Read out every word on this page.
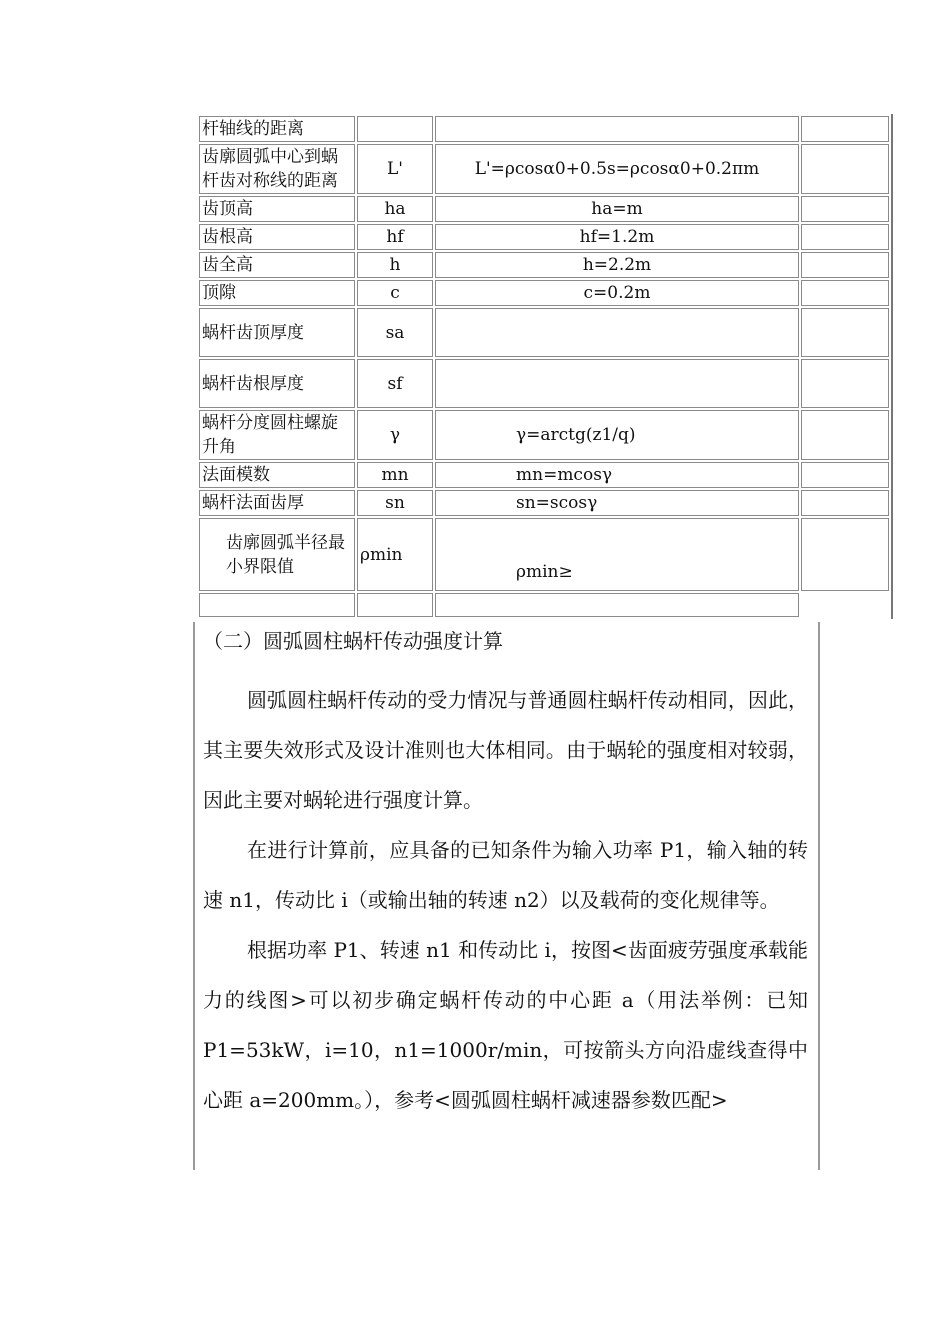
杆轴线的距离			
齿廓圆弧中心到蜗杆齿对称线的距离	L'	L'=ρcosα0+0.5s=ρcosα0+0.2πm	
齿顶高	ha	ha=m	
齿根高	hf	hf=1.2m	
齿全高	h	h=2.2m	
顶隙	c	c=0.2m	
蜗杆齿顶厚度	sa		
蜗杆齿根厚度	sf		
蜗杆分度圆柱螺旋升角	γ	γ=arctg(z1/q)	
法面模数	mn	mn=mcosγ	
蜗杆法面齿厚	sn	sn=scosγ	
齿廓圆弧半径最小界限值	ρmin	ρmin≥	

（二）圆弧圆柱蜗杆传动强度计算

圆弧圆柱蜗杆传动的受力情况与普通圆柱蜗杆传动相同，因此，其主要失效形式及设计准则也大体相同。由于蜗轮的强度相对较弱，因此主要对蜗轮进行强度计算。

在进行计算前，应具备的已知条件为输入功率 P1，输入轴的转速 n1，传动比 i（或输出轴的转速 n2）以及载荷的变化规律等。

根据功率 P1、转速 n1 和传动比 i，按图<齿面疲劳强度承载能力的线图>可以初步确定蜗杆传动的中心距 a（用法举例：已知 P1=53kW，i=10，n1=1000r/min，可按箭头方向沿虚线查得中心距 a=200mm。），参考<圆弧圆柱蜗杆减速器参数匹配>
